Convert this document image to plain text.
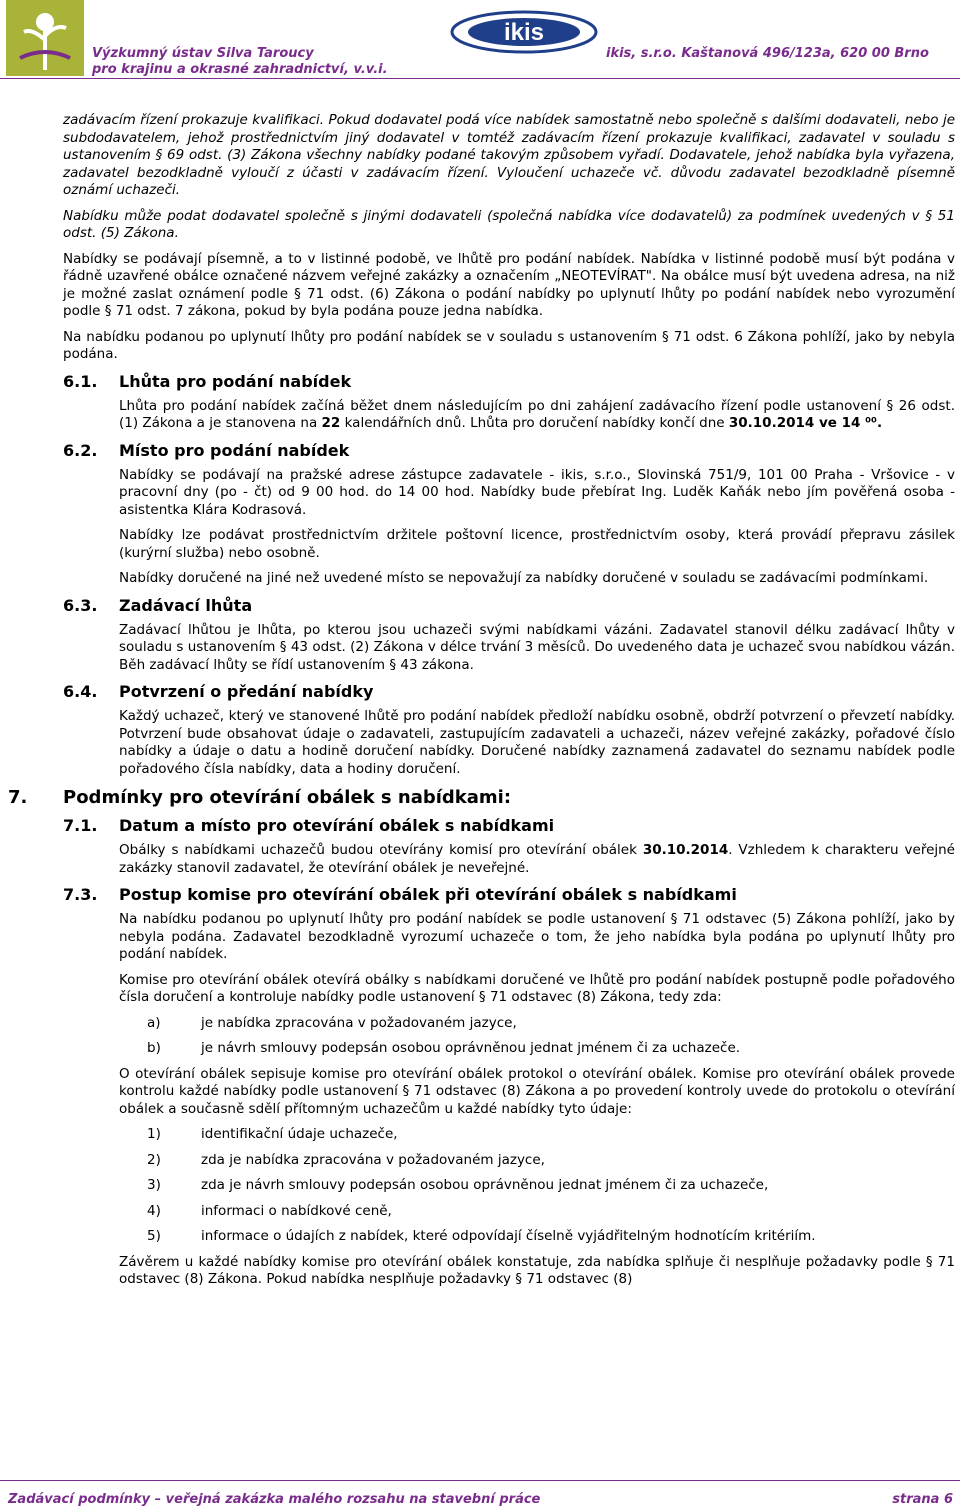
Výzkumný ústav Silva Taroucy
pro krajinu a okrasné zahradnictví, v.v.i.
ikis
ikis, s.r.o. Kaštanová 496/123a, 620 00 Brno

zadávacím řízení prokazuje kvalifikaci. Pokud dodavatel podá více nabídek samostatně nebo společně s dalšími dodavateli, nebo je subdodavatelem, jehož prostřednictvím jiný dodavatel v tomtéž zadávacím řízení prokazuje kvalifikaci, zadavatel v souladu s ustanovením § 69 odst. (3) Zákona všechny nabídky podané takovým způsobem vyřadí. Dodavatele, jehož nabídka byla vyřazena, zadavatel bezodkladně vyloučí z účasti v zadávacím řízení. Vyloučení uchazeče vč. důvodu zadavatel bezodkladně písemně oznámí uchazeči.

Nabídku může podat dodavatel společně s jinými dodavateli (společná nabídka více dodavatelů) za podmínek uvedených v § 51 odst. (5) Zákona.

Nabídky se podávají písemně, a to v listinné podobě, ve lhůtě pro podání nabídek. Nabídka v listinné podobě musí být podána v řádně uzavřené obálce označené názvem veřejné zakázky a označením „NEOTEVÍRAT". Na obálce musí být uvedena adresa, na niž je možné zaslat oznámení podle § 71 odst. (6) Zákona o podání nabídky po uplynutí lhůty po podání nabídek nebo vyrozumění podle § 71 odst. 7 zákona, pokud by byla podána pouze jedna nabídka.

Na nabídku podanou po uplynutí lhůty pro podání nabídek se v souladu s ustanovením § 71 odst. 6 Zákona pohlíží, jako by nebyla podána.

6.1. Lhůta pro podání nabídek

Lhůta pro podání nabídek začíná běžet dnem následujícím po dni zahájení zadávacího řízení podle ustanovení § 26 odst. (1) Zákona a je stanovena na 22 kalendářních dnů. Lhůta pro doručení nabídky končí dne 30.10.2014 ve 14 ⁰⁰.

6.2. Místo pro podání nabídek

Nabídky se podávají na pražské adrese zástupce zadavatele - ikis, s.r.o., Slovinská 751/9, 101 00 Praha - Vršovice - v pracovní dny (po - čt) od 9 00 hod. do 14 00 hod. Nabídky bude přebírat Ing. Luděk Kaňák nebo jím pověřená osoba - asistentka Klára Kodrasová.

Nabídky lze podávat prostřednictvím držitele poštovní licence, prostřednictvím osoby, která provádí přepravu zásilek (kurýrní služba) nebo osobně.

Nabídky doručené na jiné než uvedené místo se nepovažují za nabídky doručené v souladu se zadávacími podmínkami.

6.3. Zadávací lhůta

Zadávací lhůtou je lhůta, po kterou jsou uchazeči svými nabídkami vázáni. Zadavatel stanovil délku zadávací lhůty v souladu s ustanovením § 43 odst. (2) Zákona v délce trvání 3 měsíců. Do uvedeného data je uchazeč svou nabídkou vázán. Běh zadávací lhůty se řídí ustanovením § 43 zákona.

6.4. Potvrzení o předání nabídky

Každý uchazeč, který ve stanovené lhůtě pro podání nabídek předloží nabídku osobně, obdrží potvrzení o převzetí nabídky. Potvrzení bude obsahovat údaje o zadavateli, zastupujícím zadavateli a uchazeči, název veřejné zakázky, pořadové číslo nabídky a údaje o datu a hodině doručení nabídky. Doručené nabídky zaznamená zadavatel do seznamu nabídek podle pořadového čísla nabídky, data a hodiny doručení.

7. Podmínky pro otevírání obálek s nabídkami:
7.1. Datum a místo pro otevírání obálek s nabídkami

Obálky s nabídkami uchazečů budou otevírány komisí pro otevírání obálek 30.10.2014. Vzhledem k charakteru veřejné zakázky stanovil zadavatel, že otevírání obálek je neveřejné.

7.3. Postup komise pro otevírání obálek při otevírání obálek s nabídkami

Na nabídku podanou po uplynutí lhůty pro podání nabídek se podle ustanovení § 71 odstavec (5) Zákona pohlíží, jako by nebyla podána. Zadavatel bezodkladně vyrozumí uchazeče o tom, že jeho nabídka byla podána po uplynutí lhůty pro podání nabídek.

Komise pro otevírání obálek otevírá obálky s nabídkami doručené ve lhůtě pro podání nabídek postupně podle pořadového čísla doručení a kontroluje nabídky podle ustanovení § 71 odstavec (8) Zákona, tedy zda:

a)	je nabídka zpracována v požadovaném jazyce,
b)	je návrh smlouvy podepsán osobou oprávněnou jednat jménem či za uchazeče.

O otevírání obálek sepisuje komise pro otevírání obálek protokol o otevírání obálek. Komise pro otevírání obálek provede kontrolu každé nabídky podle ustanovení § 71 odstavec (8) Zákona a po provedení kontroly uvede do protokolu o otevírání obálek a současně sdělí přítomným uchazečům u každé nabídky tyto údaje:

1)	identifikační údaje uchazeče,
2)	zda je nabídka zpracována v požadovaném jazyce,
3)	zda je návrh smlouvy podepsán osobou oprávněnou jednat jménem či za uchazeče,
4)	informaci o nabídkové ceně,
5)	informace o údajích z nabídek, které odpovídají číselně vyjádřitelným hodnotícím kritériím.

Závěrem u každé nabídky komise pro otevírání obálek konstatuje, zda nabídka splňuje či nesplňuje požadavky podle § 71 odstavec (8) Zákona. Pokud nabídka nesplňuje požadavky § 71 odstavec (8)

Zadávací podmínky – veřejná zakázka malého rozsahu na stavební práce	strana 6
